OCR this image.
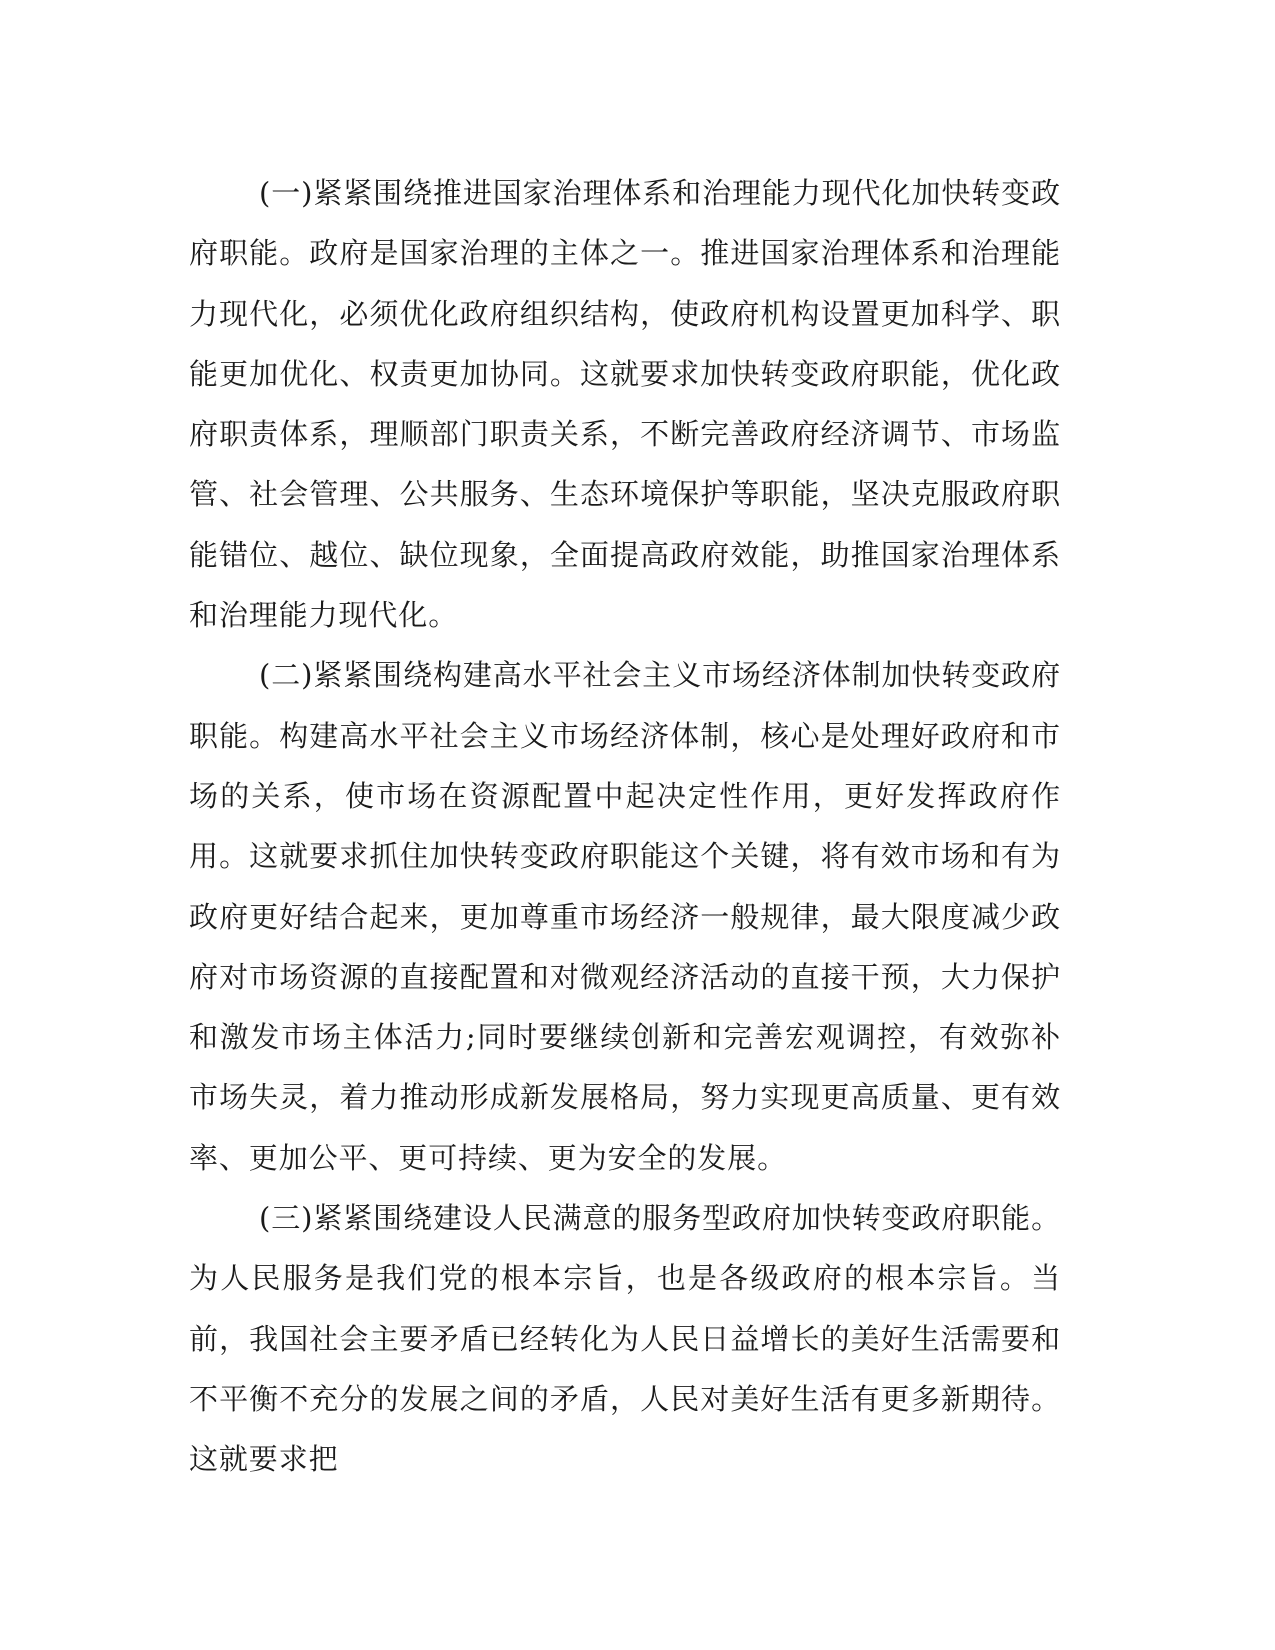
(一)紧紧围绕推进国家治理体系和治理能力现代化加快转变政府职能。政府是国家治理的主体之一。推进国家治理体系和治理能力现代化，必须优化政府组织结构，使政府机构设置更加科学、职能更加优化、权责更加协同。这就要求加快转变政府职能，优化政府职责体系，理顺部门职责关系，不断完善政府经济调节、市场监管、社会管理、公共服务、生态环境保护等职能，坚决克服政府职能错位、越位、缺位现象，全面提高政府效能，助推国家治理体系和治理能力现代化。

(二)紧紧围绕构建高水平社会主义市场经济体制加快转变政府职能。构建高水平社会主义市场经济体制，核心是处理好政府和市场的关系，使市场在资源配置中起决定性作用，更好发挥政府作用。这就要求抓住加快转变政府职能这个关键，将有效市场和有为政府更好结合起来，更加尊重市场经济一般规律，最大限度减少政府对市场资源的直接配置和对微观经济活动的直接干预，大力保护和激发市场主体活力;同时要继续创新和完善宏观调控，有效弥补市场失灵，着力推动形成新发展格局，努力实现更高质量、更有效率、更加公平、更可持续、更为安全的发展。

(三)紧紧围绕建设人民满意的服务型政府加快转变政府职能。为人民服务是我们党的根本宗旨，也是各级政府的根本宗旨。当前，我国社会主要矛盾已经转化为人民日益增长的美好生活需要和不平衡不充分的发展之间的矛盾，人民对美好生活有更多新期待。这就要求把
